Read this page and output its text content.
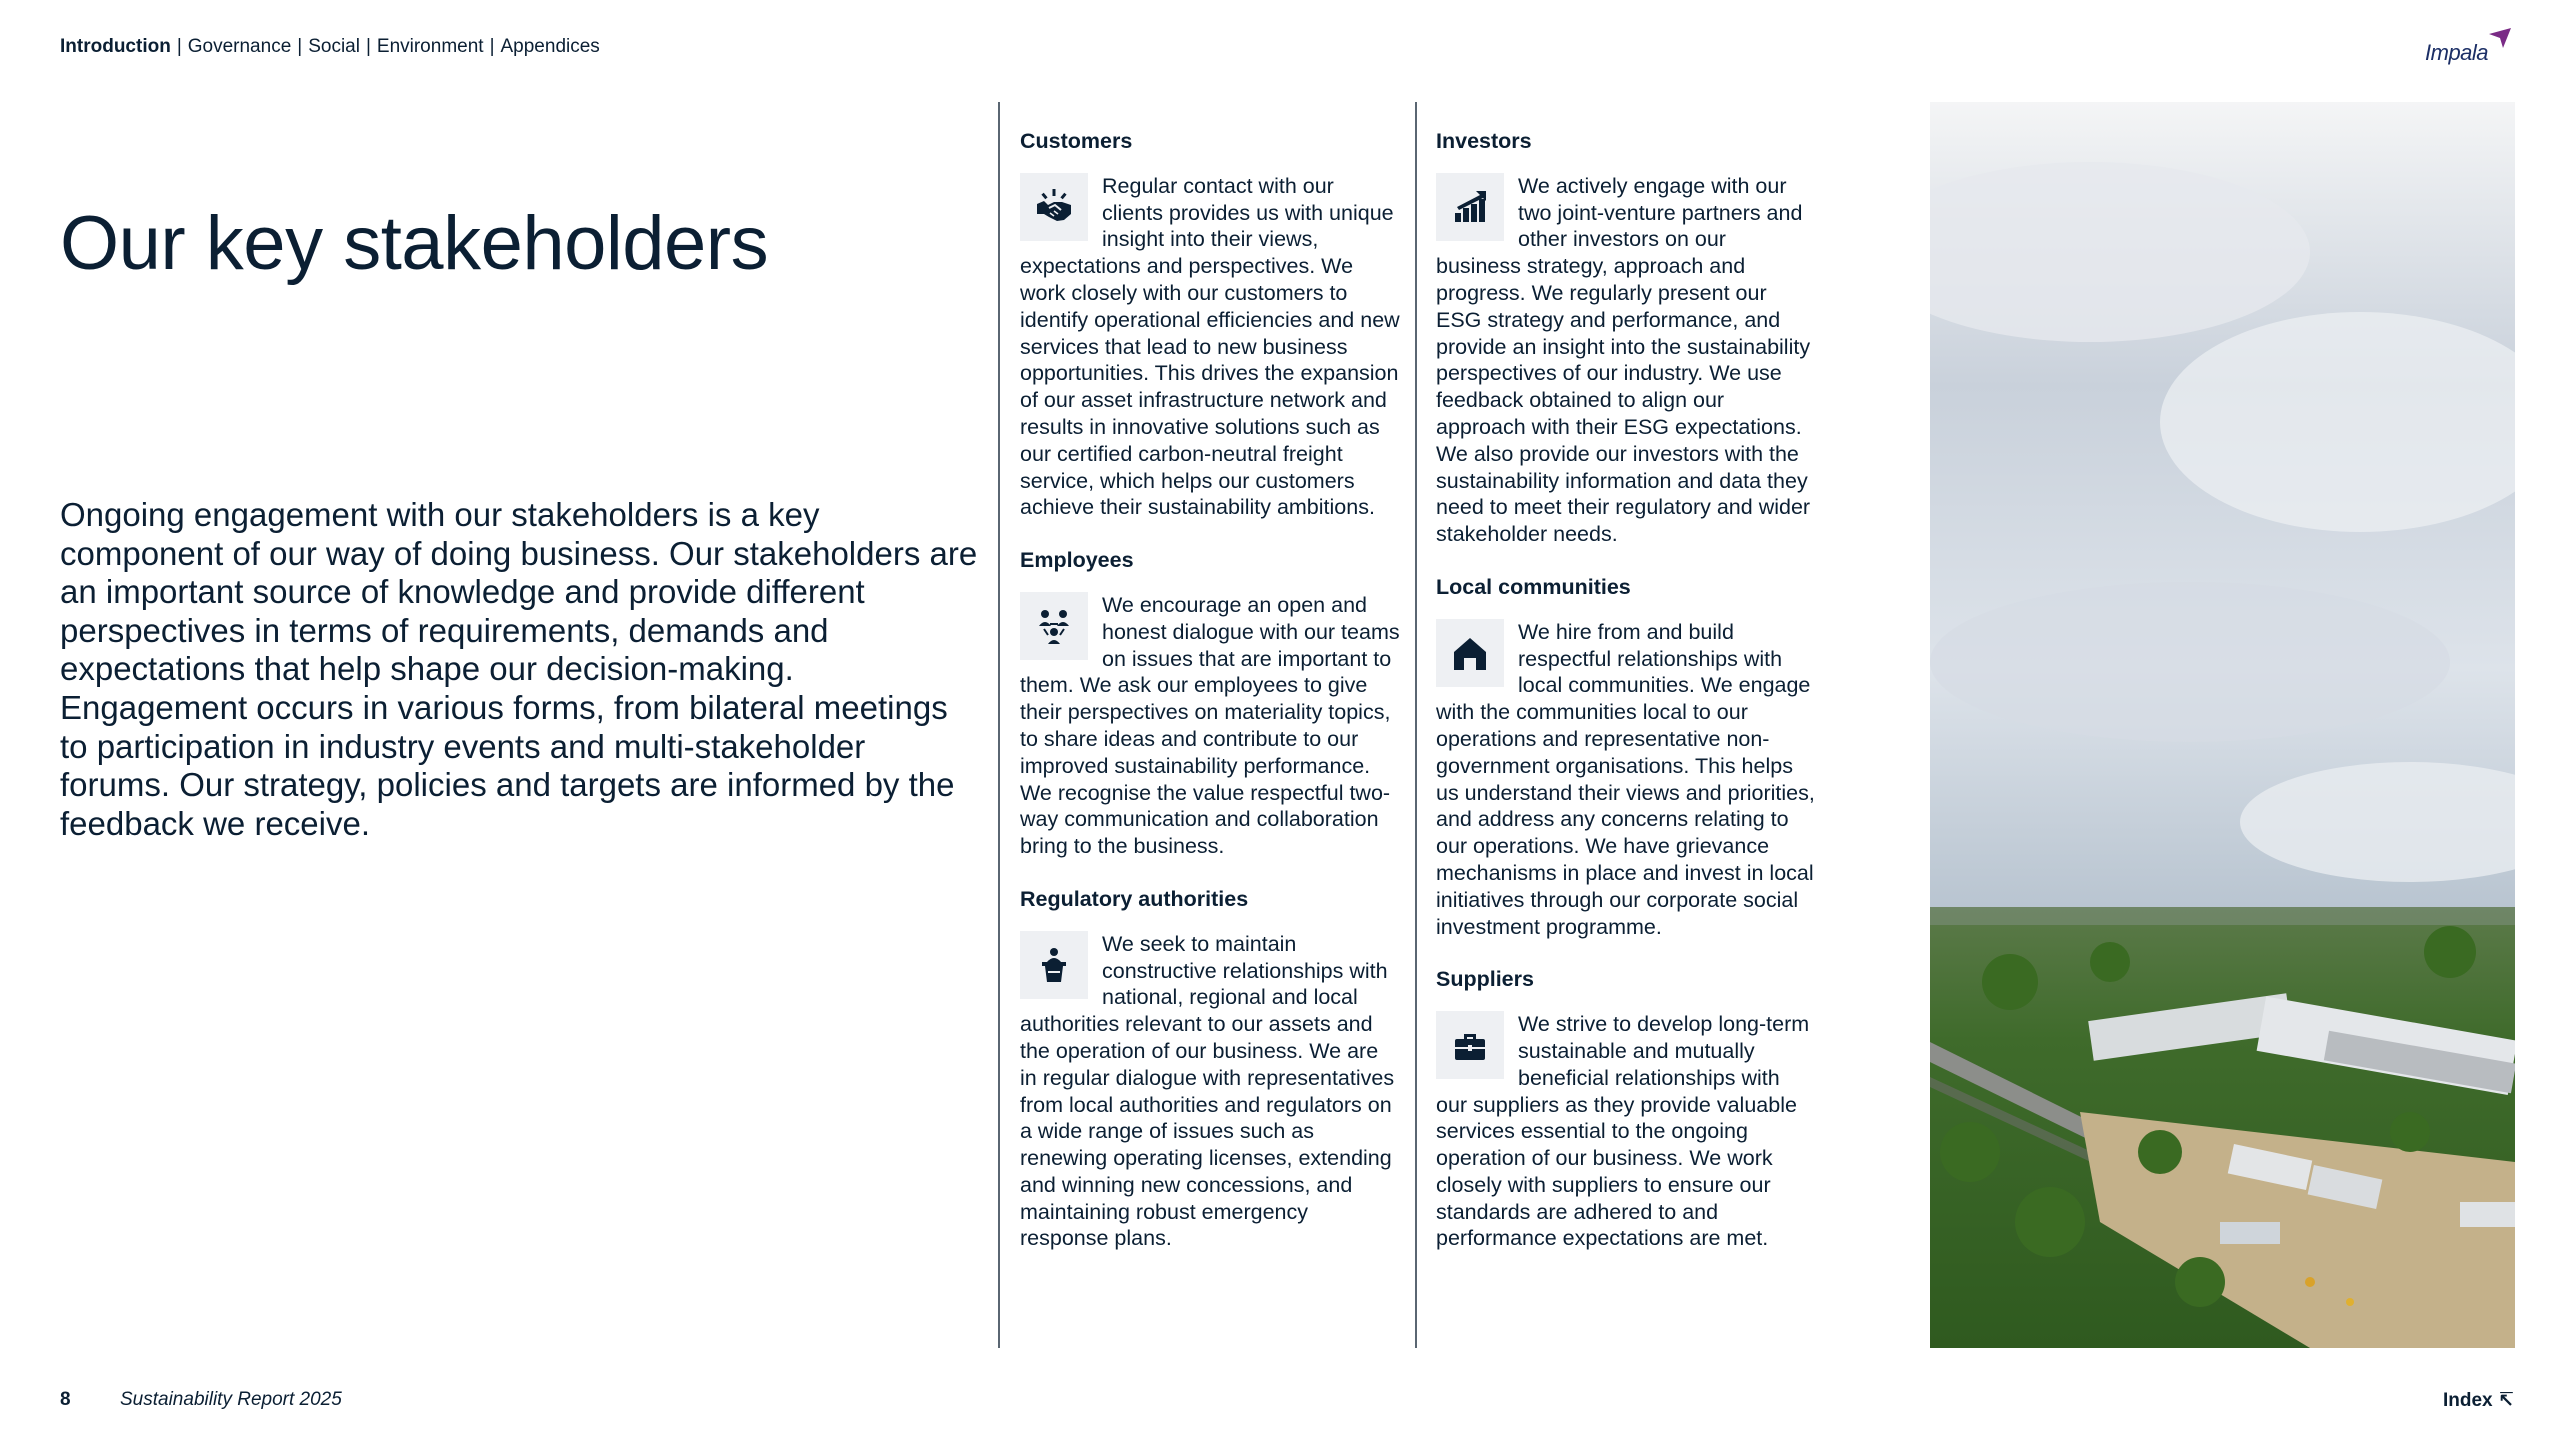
Introduction | Governance | Social | Environment | Appendices	Impala
Our key stakeholders

Ongoing engagement with our stakeholders is a key component of our way of doing business. Our stakeholders are an important source of knowledge and provide different perspectives in terms of requirements, demands and expectations that help shape our decision-making. Engagement occurs in various forms, from bilateral meetings to participation in industry events and multi-stakeholder forums. Our strategy, policies and targets are informed by the feedback we receive.

Customers

Regular contact with our clients provides us with unique insight into their views, expectations and perspectives. We work closely with our customers to identify operational efficiencies and new services that lead to new business opportunities. This drives the expansion of our asset infrastructure network and results in innovative solutions such as our certified carbon-neutral freight service, which helps our customers achieve their sustainability ambitions.

Employees

We encourage an open and honest dialogue with our teams on issues that are important to them. We ask our employees to give their perspectives on materiality topics, to share ideas and contribute to our improved sustainability performance. We recognise the value respectful two-way communication and collaboration bring to the business.

Regulatory authorities

We seek to maintain constructive relationships with national, regional and local authorities relevant to our assets and the operation of our business. We are in regular dialogue with representatives from local authorities and regulators on a wide range of issues such as renewing operating licenses, extending and winning new concessions, and maintaining robust emergency response plans.

Investors

We actively engage with our two joint-venture partners and other investors on our business strategy, approach and progress. We regularly present our ESG strategy and performance, and provide an insight into the sustainability perspectives of our industry. We use feedback obtained to align our approach with their ESG expectations. We also provide our investors with the sustainability information and data they need to meet their regulatory and wider stakeholder needs.

Local communities

We hire from and build respectful relationships with local communities. We engage with the communities local to our operations and representative non-government organisations. This helps us understand their views and priorities, and address any concerns relating to our operations. We have grievance mechanisms in place and invest in local initiatives through our corporate social investment programme.

Suppliers

We strive to develop long-term sustainable and mutually beneficial relationships with our suppliers as they provide valuable services essential to the ongoing operation of our business. We work closely with suppliers to ensure our standards are adhered to and performance expectations are met.

8	Sustainability Report 2025	Index ↸
